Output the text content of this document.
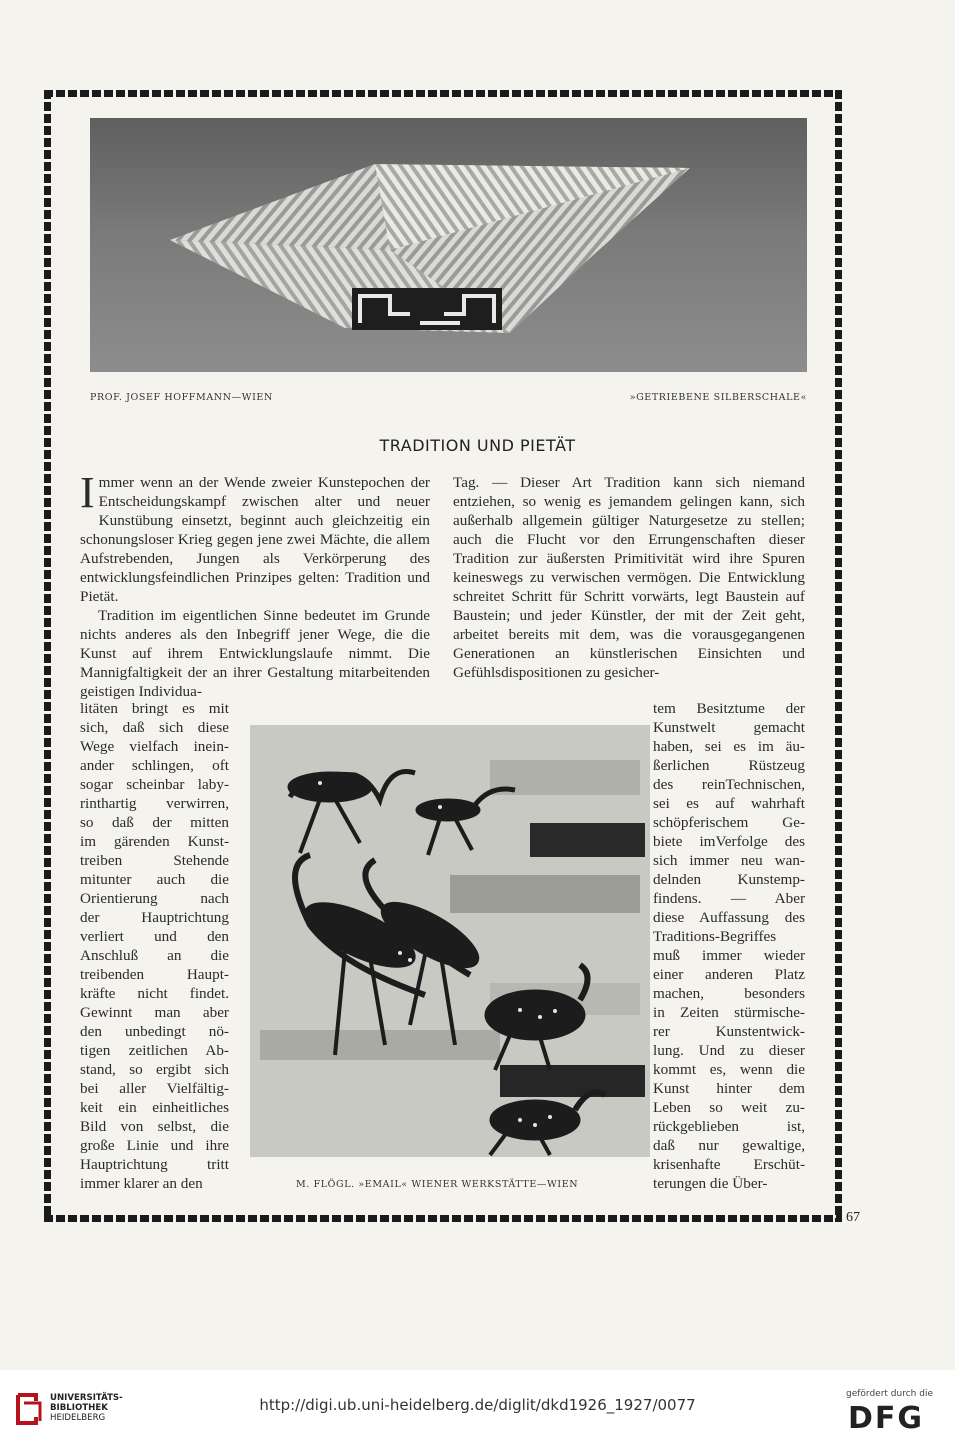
PROF. JOSEF HOFFMANN—WIEN	»GETRIEBENE SILBERSCHALE«
TRADITION UND PIETÄT

Immer wenn an der Wende zweier Kunstepochen der Entscheidungskampf zwischen alter und neuer Kunstübung einsetzt, beginnt auch gleichzeitig ein schonungsloser Krieg gegen jene zwei Mächte, die allem Aufstrebenden, Jungen als Verkörperung des entwicklungsfeindlichen Prinzipes gelten: Tradition und Pietät.

Tradition im eigentlichen Sinne bedeutet im Grunde nichts anderes als den Inbegriff jener Wege, die die Kunst auf ihrem Entwicklungslaufe nimmt. Die Mannigfaltigkeit der an ihrer Gestaltung mitarbeitenden geistigen Individua-

Tag. — Dieser Art Tradition kann sich niemand entziehen, so wenig es jemandem gelingen kann, sich außerhalb allgemein gültiger Naturgesetze zu stellen; auch die Flucht vor den Errungenschaften dieser Tradition zur äußersten Primitivität wird ihre Spuren keineswegs zu verwischen vermögen. Die Entwicklung schreitet Schritt für Schritt vorwärts, legt Baustein auf Baustein; und jeder Künstler, der mit der Zeit geht, arbeitet bereits mit dem, was die vorausgegangenen Generationen an künstlerischen Einsichten und Gefühlsdispositionen zu gesicher-

litäten bringt es mit
sich, daß sich diese
Wege vielfach inein-
ander schlingen, oft
sogar scheinbar laby-
rinthartig verwirren,
so daß der mitten
im gärenden Kunst-
treiben Stehende
mitunter auch die
Orientierung nach
der Hauptrichtung
verliert und den
Anschluß an die
treibenden Haupt-
kräfte nicht findet.
Gewinnt man aber
den unbedingt nö-
tigen zeitlichen Ab-
stand, so ergibt sich
bei aller Vielfältig-
keit ein einheitliches
Bild von selbst, die
große Linie und ihre
Hauptrichtung tritt
immer klarer an den	M. FLÖGL. »EMAIL« WIENER WERKSTÄTTE—WIEN
tem Besitztume der
Kunstwelt gemacht
haben, sei es im äu-
ßerlichen Rüstzeug
des reinTechnischen,
sei es auf wahrhaft
schöpferischem Ge-
biete imVerfolge des
sich immer neu wan-
delnden Kunstemp-
findens. — Aber
diese Auffassung des
Traditions-Begriffes
muß immer wieder
einer anderen Platz
machen, besonders
in Zeiten stürmische-
rer Kunstentwick-
lung. Und zu dieser
kommt es, wenn die
Kunst hinter dem
Leben so weit zu-
rückgeblieben ist,
daß nur gewaltige,
krisenhafte Erschüt-
terungen die Über-
67
UNIVERSITÄTS-
BIBLIOTHEK
HEIDELBERG
http://digi.ub.uni-heidelberg.de/diglit/dkd1926_1927/0077
gefördert durch die
DFG
